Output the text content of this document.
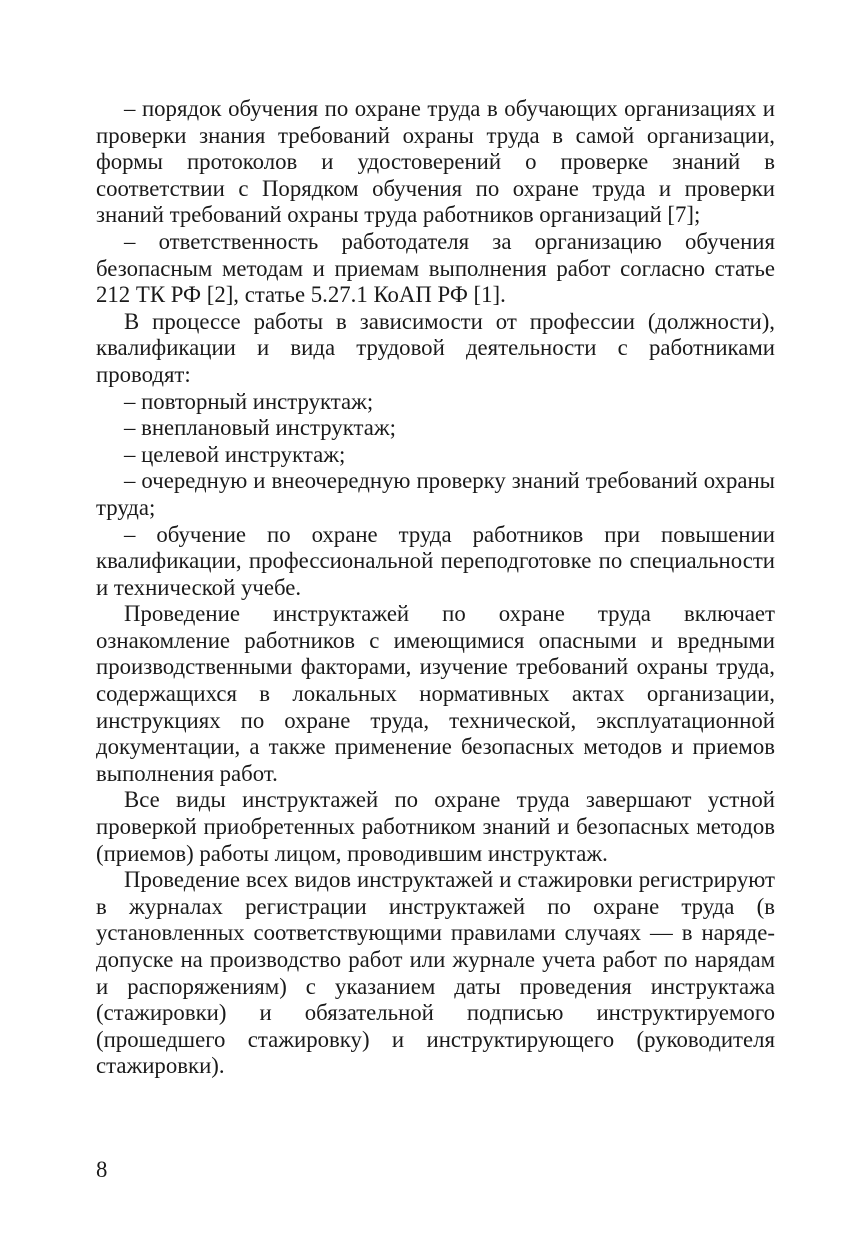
– порядок обучения по охране труда в обучающих организациях и проверки знания требований охраны труда в самой организации, формы протоколов и удостоверений о проверке знаний в соответствии с Порядком обучения по охране труда и проверки знаний требований охраны труда работников организаций [7];

– ответственность работодателя за организацию обучения безопасным методам и приемам выполнения работ согласно статье 212 ТК РФ [2], статье 5.27.1 КоАП РФ [1].

В процессе работы в зависимости от профессии (должности), квалификации и вида трудовой деятельности с работниками проводят:

– повторный инструктаж;

– внеплановый инструктаж;

– целевой инструктаж;

– очередную и внеочередную проверку знаний требований охраны труда;

– обучение по охране труда работников при повышении квалификации, профессиональной переподготовке по специальности и технической учебе.

Проведение инструктажей по охране труда включает ознакомление работников с имеющимися опасными и вредными производственными факторами, изучение требований охраны труда, содержащихся в локальных нормативных актах организации, инструкциях по охране труда, технической, эксплуатационной документации, а также применение безопасных методов и приемов выполнения работ.

Все виды инструктажей по охране труда завершают устной проверкой приобретенных работником знаний и безопасных методов (приемов) работы лицом, проводившим инструктаж.

Проведение всех видов инструктажей и стажировки регистрируют в журналах регистрации инструктажей по охране труда (в установленных соответствующими правилами случаях — в наряде-допуске на производство работ или журнале учета работ по нарядам и распоряжениям) с указанием даты проведения инструктажа (стажировки) и обязательной подписью инструктируемого (прошедшего стажировку) и инструктирующего (руководителя стажировки).

8
